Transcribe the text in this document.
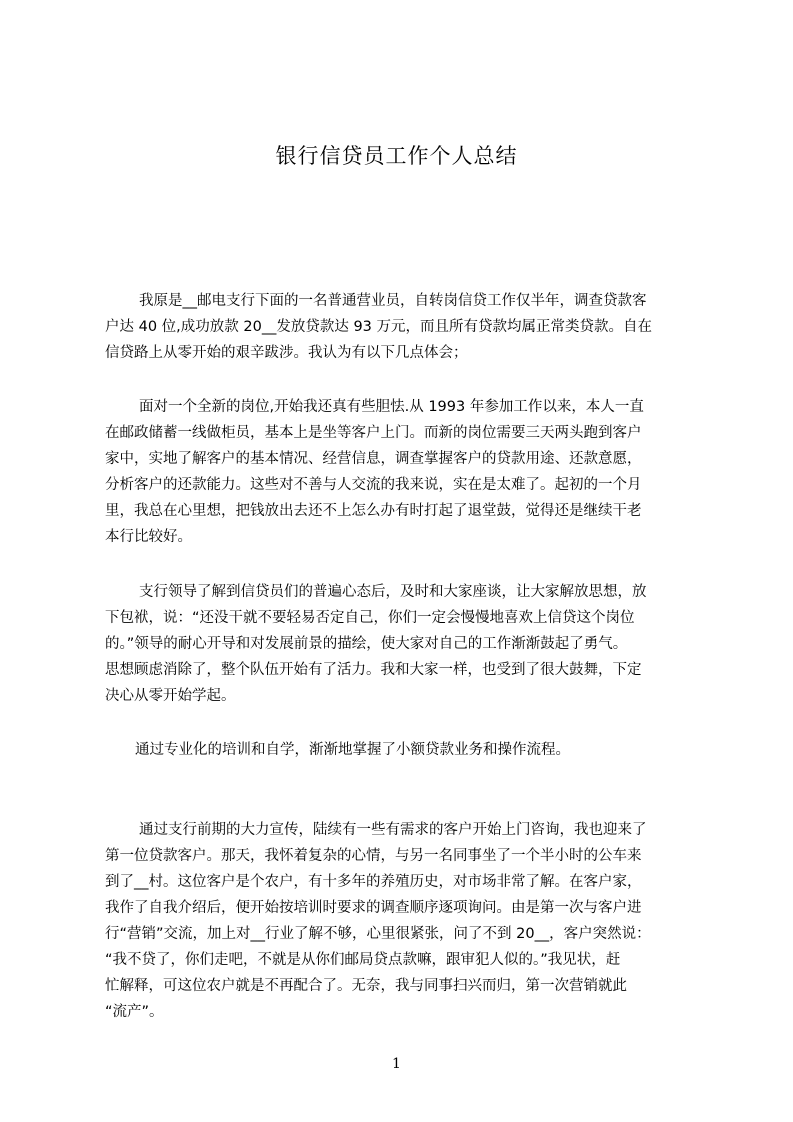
银行信贷员工作个人总结
我原是__邮电支行下面的一名普通营业员，自转岗信贷工作仅半年，调查贷款客
户达 40 位,成功放款 20__发放贷款达 93 万元，而且所有贷款均属正常类贷款。自在
信贷路上从零开始的艰辛跋涉。我认为有以下几点体会；
面对一个全新的岗位,开始我还真有些胆怯.从 1993 年参加工作以来，本人一直
在邮政储蓄一线做柜员，基本上是坐等客户上门。而新的岗位需要三天两头跑到客户
家中，实地了解客户的基本情况、经营信息，调查掌握客户的贷款用途、还款意愿，
分析客户的还款能力。这些对不善与人交流的我来说，实在是太难了。起初的一个月
里，我总在心里想，把钱放出去还不上怎么办有时打起了退堂鼓，觉得还是继续干老
本行比较好。
支行领导了解到信贷员们的普遍心态后，及时和大家座谈，让大家解放思想，放
下包袱，说：“还没干就不要轻易否定自己，你们一定会慢慢地喜欢上信贷这个岗位
的。”领导的耐心开导和对发展前景的描绘，使大家对自己的工作渐渐鼓起了勇气。
思想顾虑消除了，整个队伍开始有了活力。我和大家一样，也受到了很大鼓舞，下定
决心从零开始学起。
通过专业化的培训和自学，渐渐地掌握了小额贷款业务和操作流程。
通过支行前期的大力宣传，陆续有一些有需求的客户开始上门咨询，我也迎来了
第一位贷款客户。那天，我怀着复杂的心情，与另一名同事坐了一个半小时的公车来
到了__村。这位客户是个农户，有十多年的养殖历史，对市场非常了解。在客户家，
我作了自我介绍后，便开始按培训时要求的调查顺序逐项询问。由是第一次与客户进
行“营销”交流，加上对__行业了解不够，心里很紧张，问了不到 20__，客户突然说：
“我不贷了，你们走吧，不就是从你们邮局贷点款嘛，跟审犯人似的。”我见状，赶
忙解释，可这位农户就是不再配合了。无奈，我与同事扫兴而归，第一次营销就此
“流产”。
1
